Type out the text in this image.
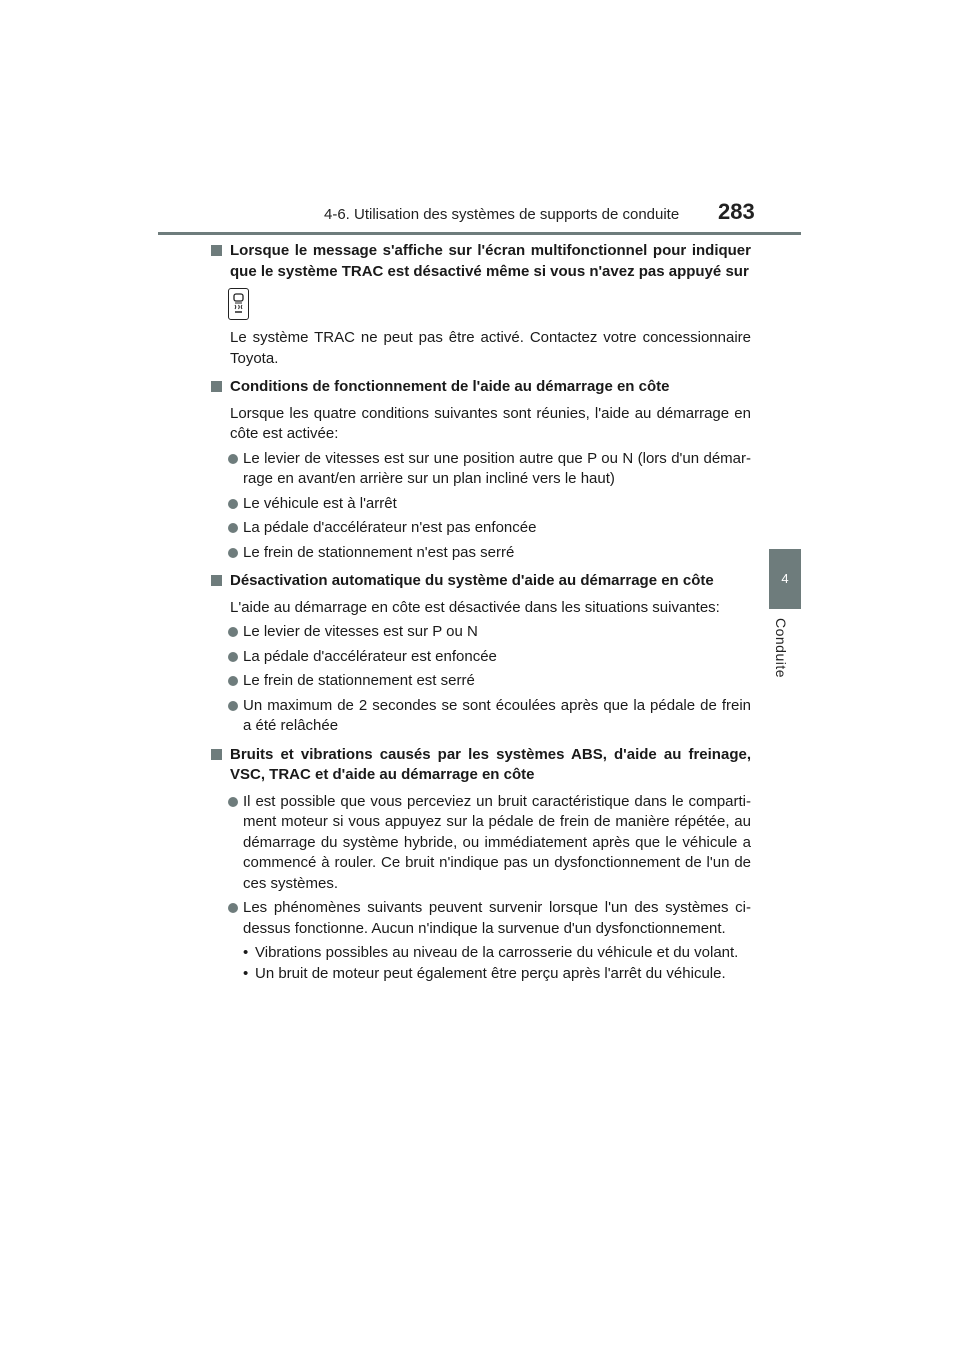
4-6. Utilisation des systèmes de supports de conduite 283
4
Conduite
Lorsque le message s'affiche sur l'écran multifonctionnel pour indiquer que le système TRAC est désactivé même si vous n'avez pas appuyé sur
Le système TRAC ne peut pas être activé. Contactez votre concessionnaire Toyota.
Conditions de fonctionnement de l'aide au démarrage en côte
Lorsque les quatre conditions suivantes sont réunies, l'aide au démarrage en côte est activée:
Le levier de vitesses est sur une position autre que P ou N (lors d'un démar-rage en avant/en arrière sur un plan incliné vers le haut)
Le véhicule est à l'arrêt
La pédale d'accélérateur n'est pas enfoncée
Le frein de stationnement n'est pas serré
Désactivation automatique du système d'aide au démarrage en côte
L'aide au démarrage en côte est désactivée dans les situations suivantes:
Le levier de vitesses est sur P ou N
La pédale d'accélérateur est enfoncée
Le frein de stationnement est serré
Un maximum de 2 secondes se sont écoulées après que la pédale de frein a été relâchée
Bruits et vibrations causés par les systèmes ABS, d'aide au freinage, VSC, TRAC et d'aide au démarrage en côte
Il est possible que vous perceviez un bruit caractéristique dans le comparti-ment moteur si vous appuyez sur la pédale de frein de manière répétée, au démarrage du système hybride, ou immédiatement après que le véhicule a commencé à rouler. Ce bruit n'indique pas un dysfonctionnement de l'un de ces systèmes.
Les phénomènes suivants peuvent survenir lorsque l'un des systèmes ci-dessus fonctionne. Aucun n'indique la survenue d'un dysfonctionnement.
• Vibrations possibles au niveau de la carrosserie du véhicule et du volant.
• Un bruit de moteur peut également être perçu après l'arrêt du véhicule.
